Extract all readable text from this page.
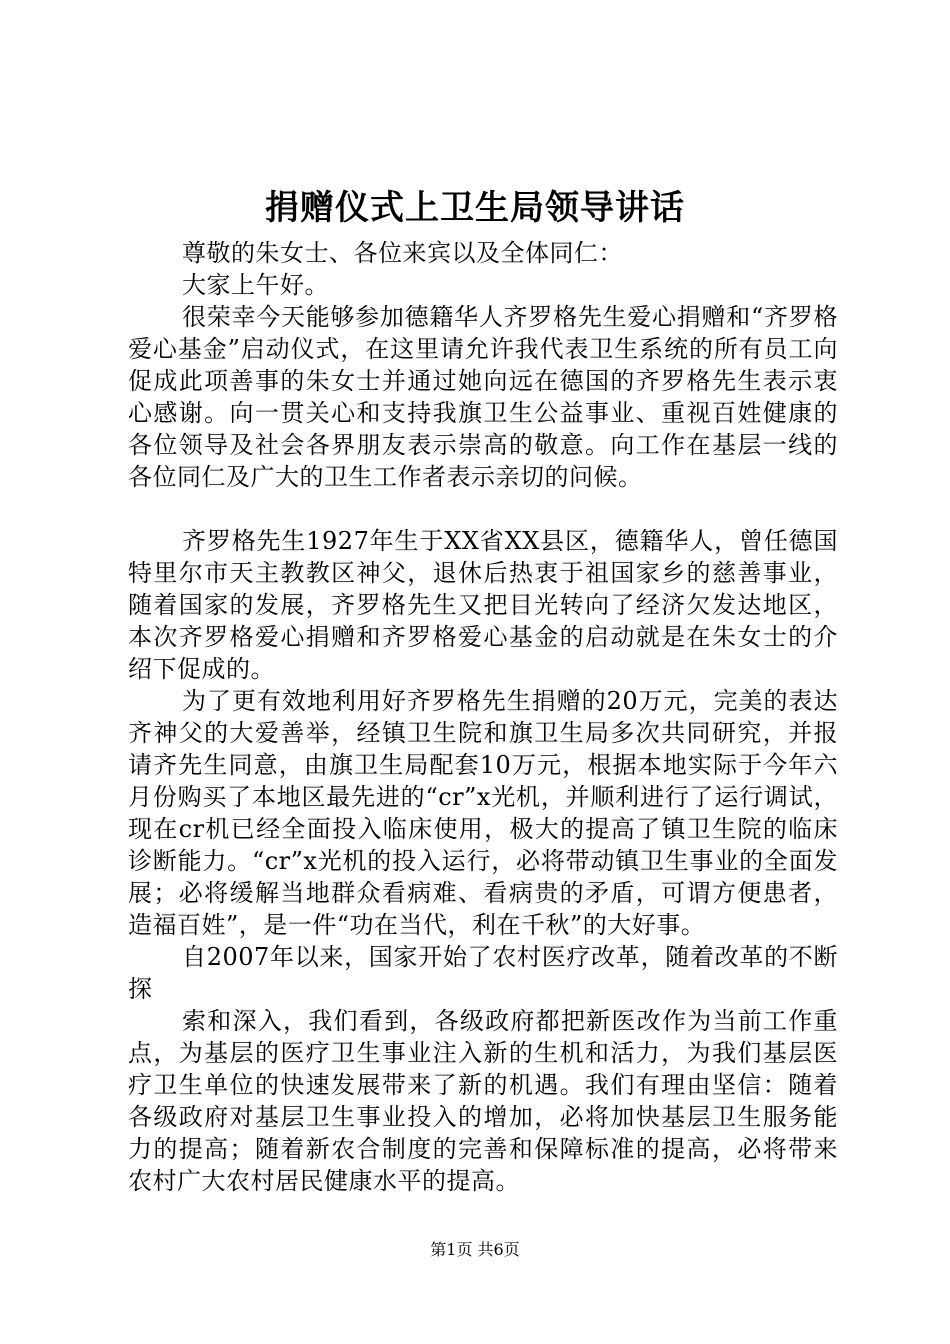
捐赠仪式上卫生局领导讲话

尊敬的朱女士、各位来宾以及全体同仁：

大家上午好。

很荣幸今天能够参加德籍华人齐罗格先生爱心捐赠和“齐罗格爱心基金”启动仪式，在这里请允许我代表卫生系统的所有员工向促成此项善事的朱女士并通过她向远在德国的齐罗格先生表示衷心感谢。向一贯关心和支持我旗卫生公益事业、重视百姓健康的各位领导及社会各界朋友表示崇高的敬意。向工作在基层一线的各位同仁及广大的卫生工作者表示亲切的问候。

齐罗格先生1927年生于XX省XX县区，德籍华人，曾任德国特里尔市天主教教区神父，退休后热衷于祖国家乡的慈善事业，随着国家的发展，齐罗格先生又把目光转向了经济欠发达地区，本次齐罗格爱心捐赠和齐罗格爱心基金的启动就是在朱女士的介绍下促成的。

为了更有效地利用好齐罗格先生捐赠的20万元，完美的表达齐神父的大爱善举，经镇卫生院和旗卫生局多次共同研究，并报请齐先生同意，由旗卫生局配套10万元，根据本地实际于今年六月份购买了本地区最先进的“cr”x光机，并顺利进行了运行调试，现在cr机已经全面投入临床使用，极大的提高了镇卫生院的临床诊断能力。“cr”x光机的投入运行，必将带动镇卫生事业的全面发展；必将缓解当地群众看病难、看病贵的矛盾，可谓方便患者，造福百姓”，是一件“功在当代，利在千秋”的大好事。

自2007年以来，国家开始了农村医疗改革，随着改革的不断探

索和深入，我们看到，各级政府都把新医改作为当前工作重点，为基层的医疗卫生事业注入新的生机和活力，为我们基层医疗卫生单位的快速发展带来了新的机遇。我们有理由坚信：随着各级政府对基层卫生事业投入的增加，必将加快基层卫生服务能力的提高；随着新农合制度的完善和保障标准的提高，必将带来农村广大农村居民健康水平的提高。

第1页 共6页
